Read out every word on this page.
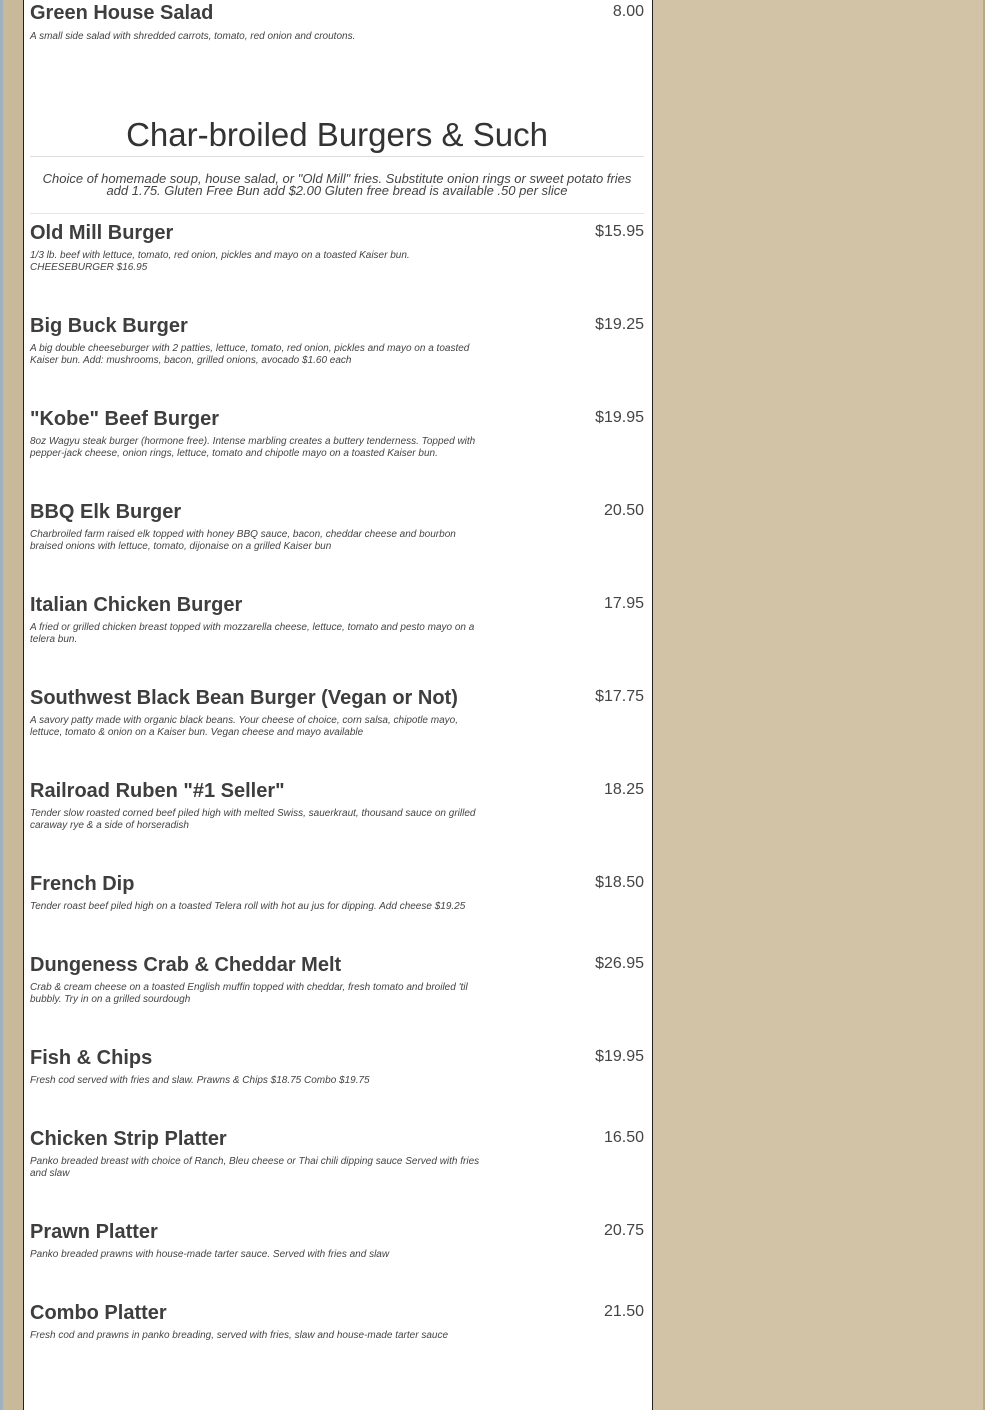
Green House Salad	8.00
A small side salad with shredded carrots, tomato, red onion and croutons.
Char-broiled Burgers & Such
Choice of homemade soup, house salad, or "Old Mill" fries. Substitute onion rings or sweet potato fries add 1.75. Gluten Free Bun add $2.00 Gluten free bread is available .50 per slice
Old Mill Burger	$15.95
1/3 lb. beef with lettuce, tomato, red onion, pickles and mayo on a toasted Kaiser bun. CHEESEBURGER $16.95
Big Buck Burger	$19.25
A big double cheeseburger with 2 patties, lettuce, tomato, red onion, pickles and mayo on a toasted Kaiser bun. Add: mushrooms, bacon, grilled onions, avocado $1.60 each
"Kobe" Beef Burger	$19.95
8oz Wagyu steak burger (hormone free). Intense marbling creates a buttery tenderness. Topped with pepper-jack cheese, onion rings, lettuce, tomato and chipotle mayo on a toasted Kaiser bun.
BBQ Elk Burger	20.50
Charbroiled farm raised elk topped with honey BBQ sauce, bacon, cheddar cheese and bourbon braised onions with lettuce, tomato, dijonaise on a grilled Kaiser bun
Italian Chicken Burger	17.95
A fried or grilled chicken breast topped with mozzarella cheese, lettuce, tomato and pesto mayo on a telera bun.
Southwest Black Bean Burger (Vegan or Not)	$17.75
A savory patty made with organic black beans. Your cheese of choice, corn salsa, chipotle mayo, lettuce, tomato & onion on a Kaiser bun. Vegan cheese and mayo available
Railroad Ruben "#1 Seller"	18.25
Tender slow roasted corned beef piled high with melted Swiss, sauerkraut, thousand sauce on grilled caraway rye & a side of horseradish
French Dip	$18.50
Tender roast beef piled high on a toasted Telera roll with hot au jus for dipping. Add cheese $19.25
Dungeness Crab & Cheddar Melt	$26.95
Crab & cream cheese on a toasted English muffin topped with cheddar, fresh tomato and broiled 'til bubbly. Try in on a grilled sourdough
Fish & Chips	$19.95
Fresh cod served with fries and slaw. Prawns & Chips $18.75 Combo $19.75
Chicken Strip Platter	16.50
Panko breaded breast with choice of Ranch, Bleu cheese or Thai chili dipping sauce Served with fries and slaw
Prawn Platter	20.75
Panko breaded prawns with house-made tarter sauce. Served with fries and slaw
Combo Platter	21.50
Fresh cod and prawns in panko breading, served with fries, slaw and house-made tarter sauce
